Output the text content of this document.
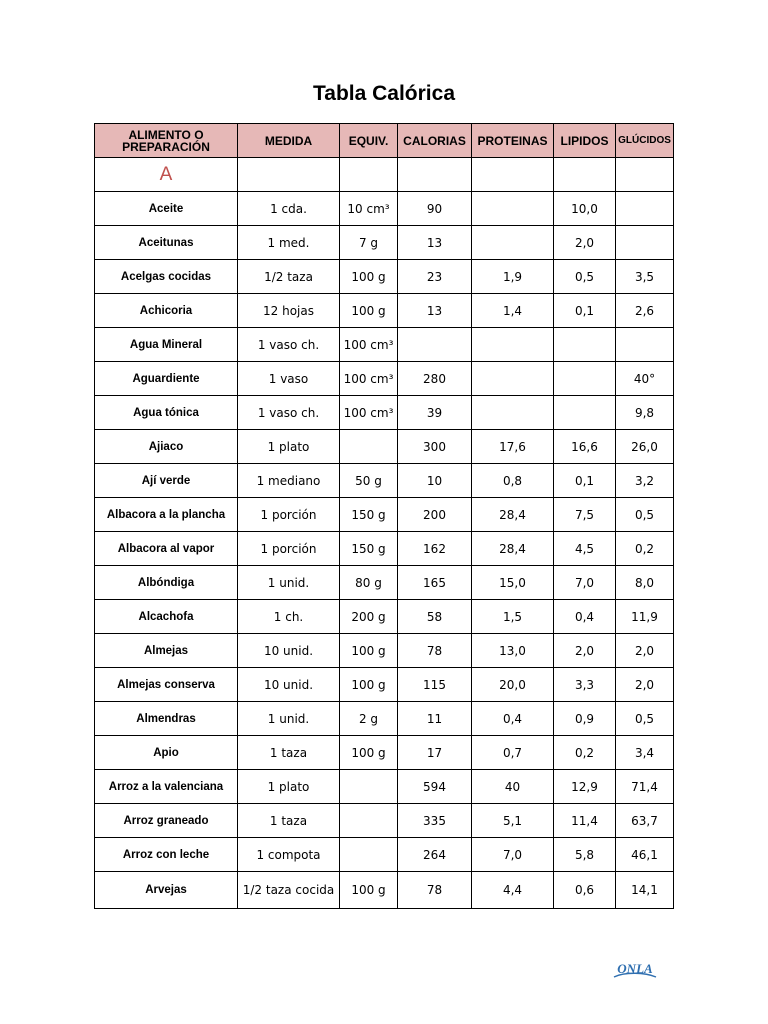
Tabla Calórica
ALIMENTO O PREPARACIÓN	MEDIDA	EQUIV.	CALORIAS	PROTEINAS	LIPIDOS	GLÚCIDOS
A						
Aceite	1 cda.	10 cm³	90		10,0	
Aceitunas	1 med.	7 g	13		2,0	
Acelgas cocidas	1/2 taza	100 g	23	1,9	0,5	3,5
Achicoria	12 hojas	100 g	13	1,4	0,1	2,6
Agua Mineral	1 vaso ch.	100 cm³				
Aguardiente	1 vaso	100 cm³	280			40°
Agua tónica	1 vaso ch.	100 cm³	39			9,8
Ajiaco	1 plato		300	17,6	16,6	26,0
Ají verde	1 mediano	50 g	10	0,8	0,1	3,2
Albacora a la plancha	1 porción	150 g	200	28,4	7,5	0,5
Albacora al vapor	1 porción	150 g	162	28,4	4,5	0,2
Albóndiga	1 unid.	80 g	165	15,0	7,0	8,0
Alcachofa	1 ch.	200 g	58	1,5	0,4	11,9
Almejas	10 unid.	100 g	78	13,0	2,0	2,0
Almejas conserva	10 unid.	100 g	115	20,0	3,3	2,0
Almendras	1 unid.	2 g	11	0,4	0,9	0,5
Apio	1 taza	100 g	17	0,7	0,2	3,4
Arroz a la valenciana	1 plato		594	40	12,9	71,4
Arroz graneado	1 taza		335	5,1	11,4	63,7
Arroz con leche	1 compota		264	7,0	5,8	46,1
Arvejas	1/2 taza cocida	100 g	78	4,4	0,6	14,1
ONLA
